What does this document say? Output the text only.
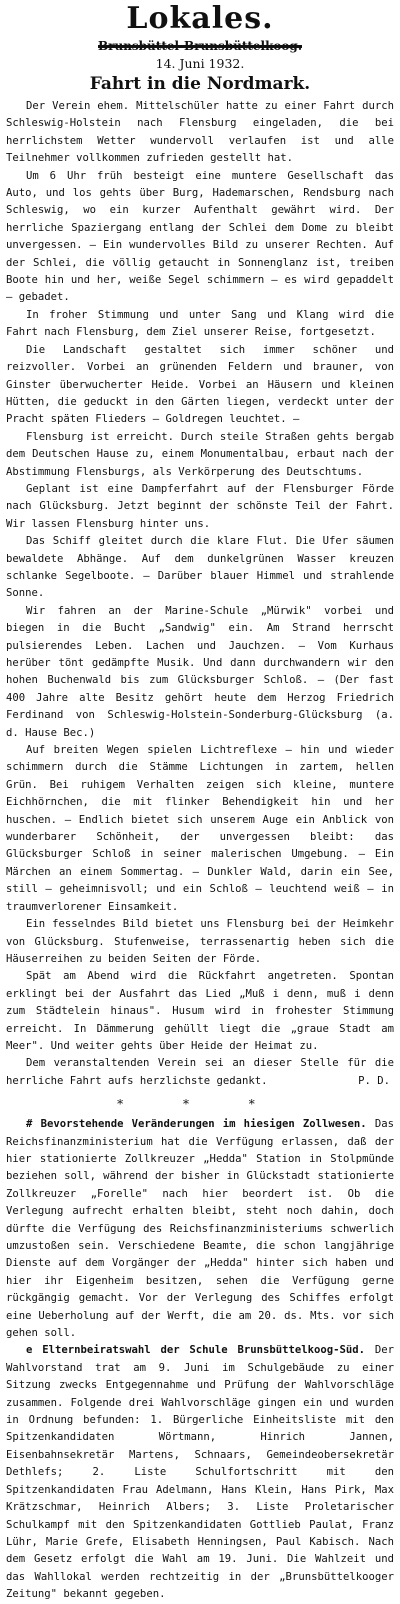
Lokales.
Brunsbüttel-Brunsbüttelkoog.
14. Juni 1932.
Fahrt in die Nordmark.

Der Verein ehem. Mittelschüler hatte zu einer Fahrt durch Schleswig-Holstein nach Flensburg eingeladen, die bei herrlichstem Wetter wundervoll verlaufen ist und alle Teilnehmer vollkommen zufrieden gestellt hat.

Um 6 Uhr früh besteigt eine muntere Gesellschaft das Auto, und los gehts über Burg, Hademarschen, Rendsburg nach Schleswig, wo ein kurzer Aufenthalt gewährt wird. Der herrliche Spaziergang entlang der Schlei dem Dome zu bleibt unvergessen. — Ein wundervolles Bild zu unserer Rechten. Auf der Schlei, die völlig getaucht in Sonnenglanz ist, treiben Boote hin und her, weiße Segel schimmern — es wird gepaddelt — gebadet.

In froher Stimmung und unter Sang und Klang wird die Fahrt nach Flensburg, dem Ziel unserer Reise, fortgesetzt.

Die Landschaft gestaltet sich immer schöner und reizvoller. Vorbei an grünenden Feldern und brauner, von Ginster überwucherter Heide. Vorbei an Häusern und kleinen Hütten, die geduckt in den Gärten liegen, verdeckt unter der Pracht späten Flieders — Goldregen leuchtet. —

Flensburg ist erreicht. Durch steile Straßen gehts bergab dem Deutschen Hause zu, einem Monumentalbau, erbaut nach der Abstimmung Flensburgs, als Verkörperung des Deutschtums.

Geplant ist eine Dampferfahrt auf der Flensburger Förde nach Glücksburg. Jetzt beginnt der schönste Teil der Fahrt. Wir lassen Flensburg hinter uns.

Das Schiff gleitet durch die klare Flut. Die Ufer säumen bewaldete Abhänge. Auf dem dunkelgrünen Wasser kreuzen schlanke Segelboote. — Darüber blauer Himmel und strahlende Sonne.

Wir fahren an der Marine-Schule „Mürwik" vorbei und biegen in die Bucht „Sandwig" ein. Am Strand herrscht pulsierendes Leben. Lachen und Jauchzen. — Vom Kurhaus herüber tönt gedämpfte Musik. Und dann durchwandern wir den hohen Buchenwald bis zum Glücksburger Schloß. — (Der fast 400 Jahre alte Besitz gehört heute dem Herzog Friedrich Ferdinand von Schleswig-Holstein-Sonderburg-Glücksburg (a. d. Hause Bec.)

Auf breiten Wegen spielen Lichtreflexe — hin und wieder schimmern durch die Stämme Lichtungen in zartem, hellen Grün. Bei ruhigem Verhalten zeigen sich kleine, muntere Eichhörnchen, die mit flinker Behendigkeit hin und her huschen. — Endlich bietet sich unserem Auge ein Anblick von wunderbarer Schönheit, der unvergessen bleibt: das Glücksburger Schloß in seiner malerischen Umgebung. — Ein Märchen an einem Sommertag. — Dunkler Wald, darin ein See, still — geheimnisvoll; und ein Schloß — leuchtend weiß — in traumverlorener Einsamkeit.

Ein fesselndes Bild bietet uns Flensburg bei der Heimkehr von Glücksburg. Stufenweise, terrassenartig heben sich die Häuserreihen zu beiden Seiten der Förde.

Spät am Abend wird die Rückfahrt angetreten. Spontan erklingt bei der Ausfahrt das Lied „Muß i denn, muß i denn zum Städtelein hinaus". Husum wird in frohester Stimmung erreicht. In Dämmerung gehüllt liegt die „graue Stadt am Meer". Und weiter gehts über Heide der Heimat zu.

Dem veranstaltenden Verein sei an dieser Stelle für die herrliche Fahrt aufs herzlichste gedankt.	P. D.
* * *

# Bevorstehende Veränderungen im hiesigen Zollwesen. Das Reichsfinanzministerium hat die Verfügung erlassen, daß der hier stationierte Zollkreuzer „Hedda" Station in Stolpmünde beziehen soll, während der bisher in Glückstadt stationierte Zollkreuzer „Forelle" nach hier beordert ist. Ob die Verlegung aufrecht erhalten bleibt, steht noch dahin, doch dürfte die Verfügung des Reichsfinanzministeriums schwerlich umzustoßen sein. Verschiedene Beamte, die schon langjährige Dienste auf dem Vorgänger der „Hedda" hinter sich haben und hier ihr Eigenheim besitzen, sehen die Verfügung gerne rückgängig gemacht. Vor der Verlegung des Schiffes erfolgt eine Ueberholung auf der Werft, die am 20. ds. Mts. vor sich gehen soll.

e Elternbeiratswahl der Schule Brunsbüttelkoog-Süd. Der Wahlvorstand trat am 9. Juni im Schulgebäude zu einer Sitzung zwecks Entgegennahme und Prüfung der Wahlvorschläge zusammen. Folgende drei Wahlvorschläge gingen ein und wurden in Ordnung befunden: 1. Bürgerliche Einheitsliste mit den Spitzenkandidaten Wörtmann, Hinrich Jannen, Eisenbahnsekretär Martens, Schnaars, Gemeindeobersekretär Dethlefs; 2. Liste Schulfortschritt mit den Spitzenkandidaten Frau Adelmann, Hans Klein, Hans Pirk, Max Krätzschmar, Heinrich Albers; 3. Liste Proletarischer Schulkampf mit den Spitzenkandidaten Gottlieb Paulat, Franz Lühr, Marie Grefe, Elisabeth Henningsen, Paul Kabisch. Nach dem Gesetz erfolgt die Wahl am 19. Juni. Die Wahlzeit und das Wahllokal werden rechtzeitig in der „Brunsbüttelkooger Zeitung" bekannt gegeben.
